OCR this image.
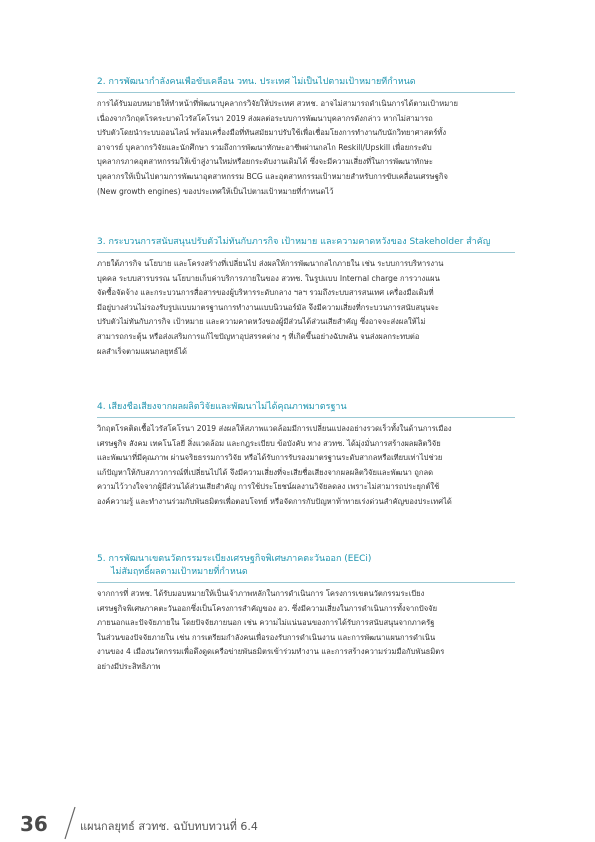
2. การพัฒนากำลังคนเพื่อขับเคลื่อน วทน. ประเทศ ไม่เป็นไปตามเป้าหมายที่กำหนด
การได้รับมอบหมายให้ทำหน้าที่พัฒนาบุคลากรวิจัยให้ประเทศ สวทช. อาจไม่สามารถดำเนินการได้ตามเป้าหมาย
เนื่องจากวิกฤตโรคระบาดไวรัสโคโรนา 2019 ส่งผลต่อระบบการพัฒนาบุคลากรดังกล่าว หากไม่สามารถ
ปรับตัวโดยนำระบบออนไลน์ พร้อมเครื่องมือที่ทันสมัยมาปรับใช้เพื่อเชื่อมโยงการทำงานกับนักวิทยาศาสตร์ทั้ง
อาจารย์ บุคลากรวิจัยและนักศึกษา รวมถึงการพัฒนาทักษะอาชีพผ่านกลไก Reskill/Upskill เพื่อยกระดับ
บุคลากรภาคอุตสาหกรรมให้เข้าสู่งานใหม่หรือยกระดับงานเดิมได้ ซึ่งจะมีความเสี่ยงที่ในการพัฒนาทักษะ
บุคลากรให้เป็นไปตามการพัฒนาอุตสาหกรรม BCG และอุตสาหกรรมเป้าหมายสำหรับการขับเคลื่อนเศรษฐกิจ
(New growth engines) ของประเทศให้เป็นไปตามเป้าหมายที่กำหนดไว้
3. กระบวนการสนับสนุนปรับตัวไม่ทันกับภารกิจ เป้าหมาย และความคาดหวังของ Stakeholder สำคัญ
ภายใต้ภารกิจ นโยบาย และโครงสร้างที่เปลี่ยนไป ส่งผลให้การพัฒนากลไกภายใน เช่น ระบบการบริหารงาน
บุคคล ระบบสารบรรณ นโยบายเก็บค่าบริการภายในของ สวทช. ในรูปแบบ Internal charge การวางแผน
จัดซื้อจัดจ้าง และกระบวนการสื่อสารของผู้บริหารระดับกลาง ฯลฯ รวมถึงระบบสารสนเทศ เครื่องมือเดิมที่
มีอยู่บางส่วนไม่รองรับรูปแบบมาตรฐานการทำงานแบบนิวนอร์มัล จึงมีความเสี่ยงที่กระบวนการสนับสนุนจะ
ปรับตัวไม่ทันกับภารกิจ เป้าหมาย และความคาดหวังของผู้มีส่วนได้ส่วนเสียสำคัญ ซึ่งอาจจะส่งผลให้ไม่
สามารถกระตุ้น หรือส่งเสริมการแก้ไขปัญหาอุปสรรคต่าง ๆ ที่เกิดขึ้นอย่างฉับพลัน จนส่งผลกระทบต่อ
ผลสำเร็จตามแผนกลยุทธ์ได้
4. เสี่ยงชื่อเสียงจากผลผลิตวิจัยและพัฒนาไม่ได้คุณภาพมาตรฐาน
วิกฤตโรคติดเชื้อไวรัสโคโรนา 2019 ส่งผลให้สภาพแวดล้อมมีการเปลี่ยนแปลงอย่างรวดเร็วทั้งในด้านการเมือง
เศรษฐกิจ สังคม เทคโนโลยี สิ่งแวดล้อม และกฎระเบียบ ข้อบังคับ ทาง สวทช. ได้มุ่งมั่นการสร้างผลผลิตวิจัย
และพัฒนาที่มีคุณภาพ ผ่านจริยธรรมการวิจัย หรือได้รับการรับรองมาตรฐานระดับสากลหรือเทียบเท่าไปช่วย
แก้ปัญหาให้กับสภาวการณ์ที่เปลี่ยนไปได้ จึงมีความเสี่ยงที่จะเสียชื่อเสียงจากผลผลิตวิจัยและพัฒนา ถูกลด
ความไว้วางใจจากผู้มีส่วนได้ส่วนเสียสำคัญ การใช้ประโยชน์ผลงานวิจัยลดลง เพราะไม่สามารถประยุกต์ใช้
องค์ความรู้ และทำงานร่วมกับพันธมิตรเพื่อตอบโจทย์ หรือจัดการกับปัญหาท้าทายเร่งด่วนสำคัญของประเทศได้
5. การพัฒนาเขตนวัตกรรมระเบียงเศรษฐกิจพิเศษภาคตะวันออก (EECi)
ไม่สัมฤทธิ์ผลตามเป้าหมายที่กำหนด
จากการที่ สวทช. ได้รับมอบหมายให้เป็นเจ้าภาพหลักในการดำเนินการ โครงการเขตนวัตกรรมระเบียง
เศรษฐกิจพิเศษภาคตะวันออกซึ่งเป็นโครงการสำคัญของ อว. ซึ่งมีความเสี่ยงในการดำเนินการทั้งจากปัจจัย
ภายนอกและปัจจัยภายใน โดยปัจจัยภายนอก เช่น ความไม่แน่นอนของการได้รับการสนับสนุนจากภาครัฐ
ในส่วนของปัจจัยภายใน เช่น การเตรียมกำลังคนเพื่อรองรับการดำเนินงาน และการพัฒนาแผนการดำเนิน
งานของ 4 เมืองนวัตกรรมเพื่อดึงดูดเครือข่ายพันธมิตรเข้าร่วมทำงาน และการสร้างความร่วมมือกับพันธมิตร
อย่างมีประสิทธิภาพ
36	แผนกลยุทธ์ สวทช. ฉบับทบทวนที่ 6.4
